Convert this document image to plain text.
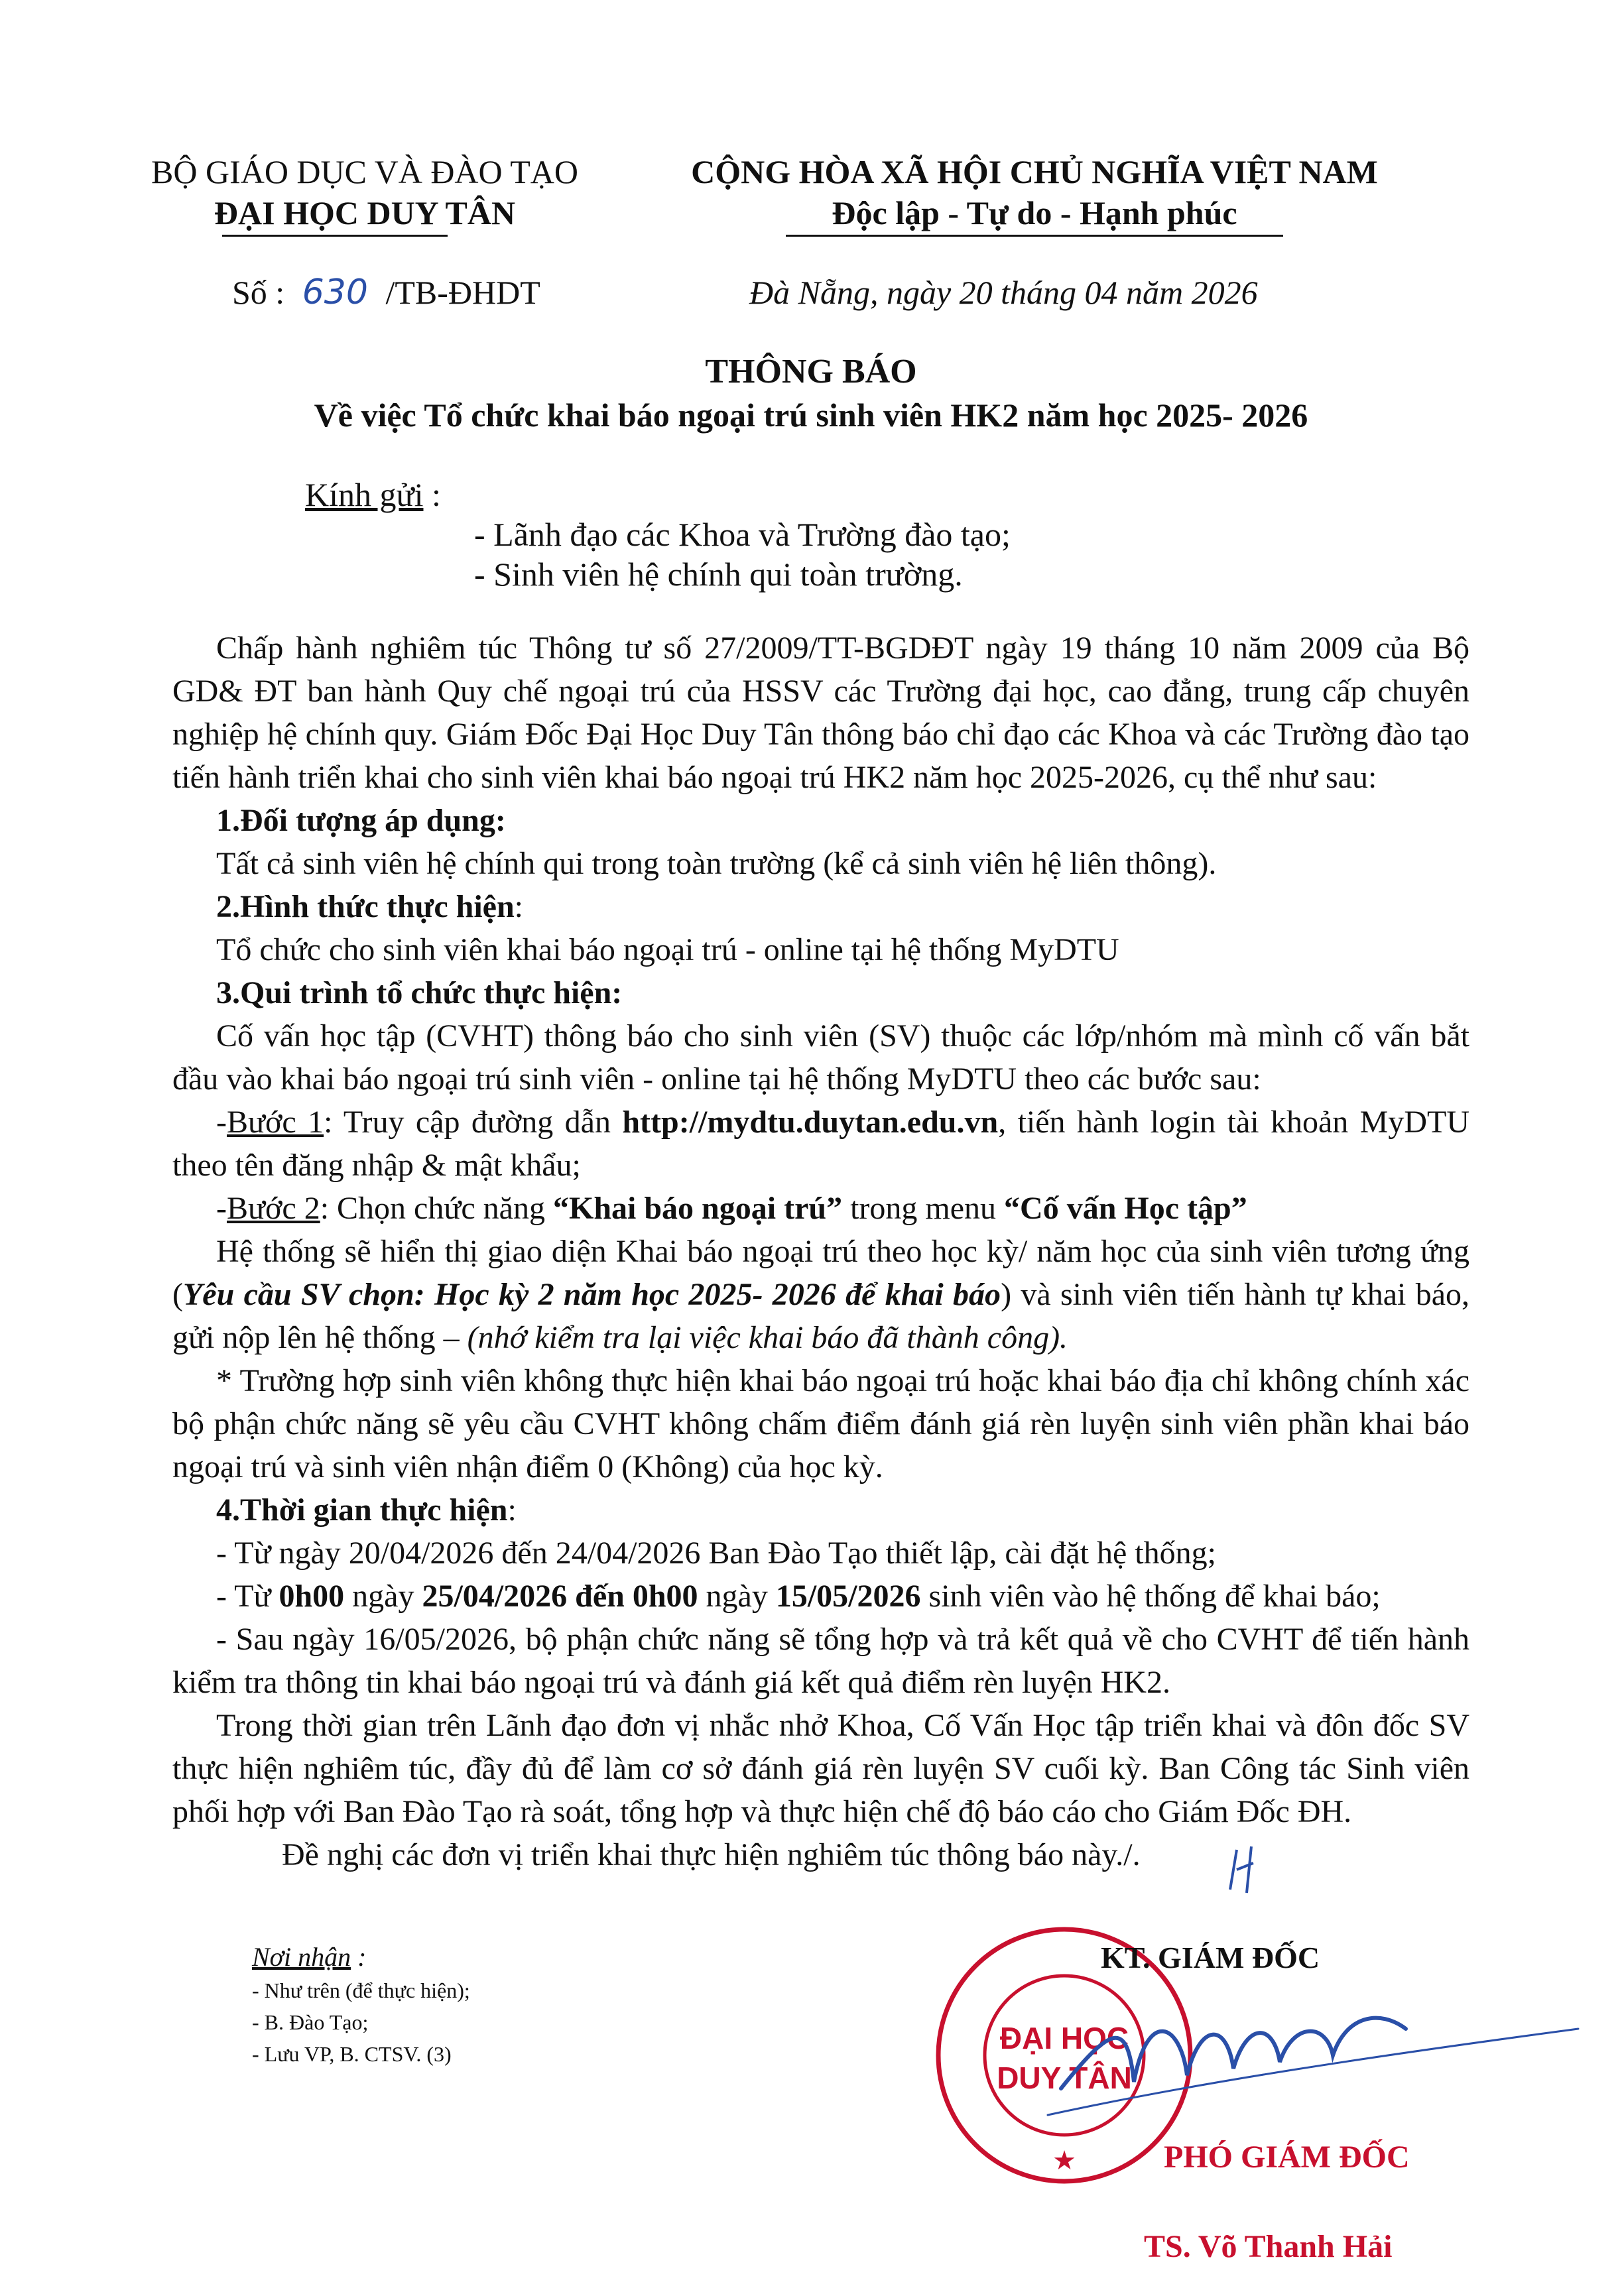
BỘ GIÁO DỤC VÀ ĐÀO TẠO
ĐẠI HỌC DUY TÂN
CỘNG HÒA XÃ HỘI CHỦ NGHĨA VIỆT NAM
Độc lập - Tự do - Hạnh phúc
Số : 630 /TB-ĐHDT	Đà Nẵng, ngày 20 tháng 04 năm 2026
THÔNG BÁO
Về việc Tổ chức khai báo ngoại trú sinh viên HK2 năm học 2025- 2026
Kính gửi :
- Lãnh đạo các Khoa và Trường đào tạo;
- Sinh viên hệ chính qui toàn trường.

Chấp hành nghiêm túc Thông tư số 27/2009/TT-BGDĐT ngày 19 tháng 10 năm 2009 của Bộ GD& ĐT ban hành Quy chế ngoại trú của HSSV các Trường đại học, cao đẳng, trung cấp chuyên nghiệp hệ chính quy. Giám Đốc Đại Học Duy Tân thông báo chỉ đạo các Khoa và các Trường đào tạo tiến hành triển khai cho sinh viên khai báo ngoại trú HK2 năm học 2025-2026, cụ thể như sau:

1.Đối tượng áp dụng:

Tất cả sinh viên hệ chính qui trong toàn trường (kể cả sinh viên hệ liên thông).

2.Hình thức thực hiện:

Tổ chức cho sinh viên khai báo ngoại trú - online tại hệ thống MyDTU

3.Qui trình tổ chức thực hiện:

Cố vấn học tập (CVHT) thông báo cho sinh viên (SV) thuộc các lớp/nhóm mà mình cố vấn bắt đầu vào khai báo ngoại trú sinh viên - online tại hệ thống MyDTU theo các bước sau:

-Bước 1: Truy cập đường dẫn http://mydtu.duytan.edu.vn, tiến hành login tài khoản MyDTU theo tên đăng nhập & mật khẩu;

-Bước 2: Chọn chức năng “Khai báo ngoại trú” trong menu “Cố vấn Học tập”

Hệ thống sẽ hiển thị giao diện Khai báo ngoại trú theo học kỳ/ năm học của sinh viên tương ứng (Yêu cầu SV chọn: Học kỳ 2 năm học 2025- 2026 để khai báo) và sinh viên tiến hành tự khai báo, gửi nộp lên hệ thống – (nhớ kiểm tra lại việc khai báo đã thành công).

* Trường hợp sinh viên không thực hiện khai báo ngoại trú hoặc khai báo địa chỉ không chính xác bộ phận chức năng sẽ yêu cầu CVHT không chấm điểm đánh giá rèn luyện sinh viên phần khai báo ngoại trú và sinh viên nhận điểm 0 (Không) của học kỳ.

4.Thời gian thực hiện:

- Từ ngày 20/04/2026 đến 24/04/2026 Ban Đào Tạo thiết lập, cài đặt hệ thống;

- Từ 0h00 ngày 25/04/2026 đến 0h00 ngày 15/05/2026 sinh viên vào hệ thống để khai báo;

- Sau ngày 16/05/2026, bộ phận chức năng sẽ tổng hợp và trả kết quả về cho CVHT để tiến hành kiểm tra thông tin khai báo ngoại trú và đánh giá kết quả điểm rèn luyện HK2.

Trong thời gian trên Lãnh đạo đơn vị nhắc nhở Khoa, Cố Vấn Học tập triển khai và đôn đốc SV thực hiện nghiêm túc, đầy đủ để làm cơ sở đánh giá rèn luyện SV cuối kỳ. Ban Công tác Sinh viên phối hợp với Ban Đào Tạo rà soát, tổng hợp và thực hiện chế độ báo cáo cho Giám Đốc ĐH.

Đề nghị các đơn vị triển khai thực hiện nghiêm túc thông báo này./.

Nơi nhận :
- Như trên (để thực hiện);
- B. Đào Tạo;
- Lưu VP, B. CTSV. (3)	ĐẠI HỌC
DUY TÂN
★
KT. GIÁM ĐỐC
PHÓ GIÁM ĐỐC
TS. Võ Thanh Hải
